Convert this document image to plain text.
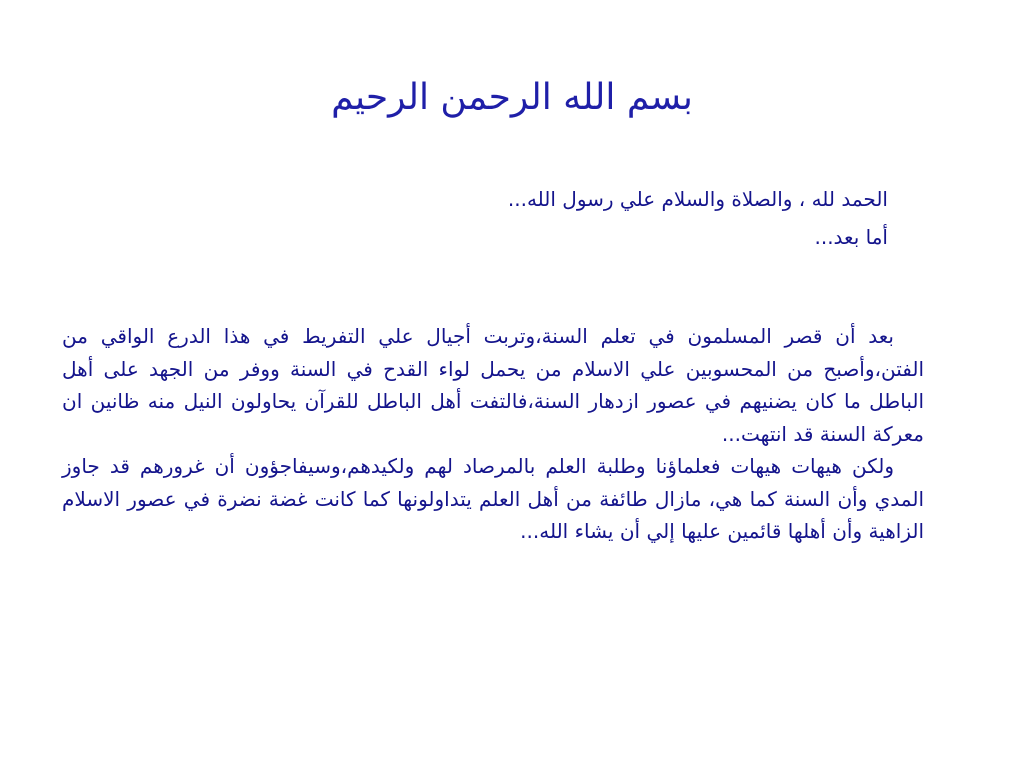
بسم الله الرحمن الرحيم

الحمد لله ، والصلاة والسلام علي رسول الله...

أما بعد...

بعد أن قصر المسلمون في تعلم السنة،وتربت أجيال علي التفريط في هذا الدرع الواقي من الفتن،وأصبح من المحسوبين علي الاسلام من يحمل لواء القدح في السنة ووفر من الجهد على أهل الباطل ما كان يضنيهم في عصور ازدهار السنة،فالتفت أهل الباطل للقرآن يحاولون النيل منه ظانين ان معركة السنة قد انتهت...

ولكن هيهات هيهات فعلماؤنا وطلبة العلم بالمرصاد لهم ولكيدهم،وسيفاجؤون أن غرورهم قد جاوز المدي وأن السنة كما هي، مازال طائفة من أهل العلم يتداولونها كما كانت غضة نضرة في عصور الاسلام الزاهية وأن أهلها قائمين عليها إلي أن يشاء الله...
